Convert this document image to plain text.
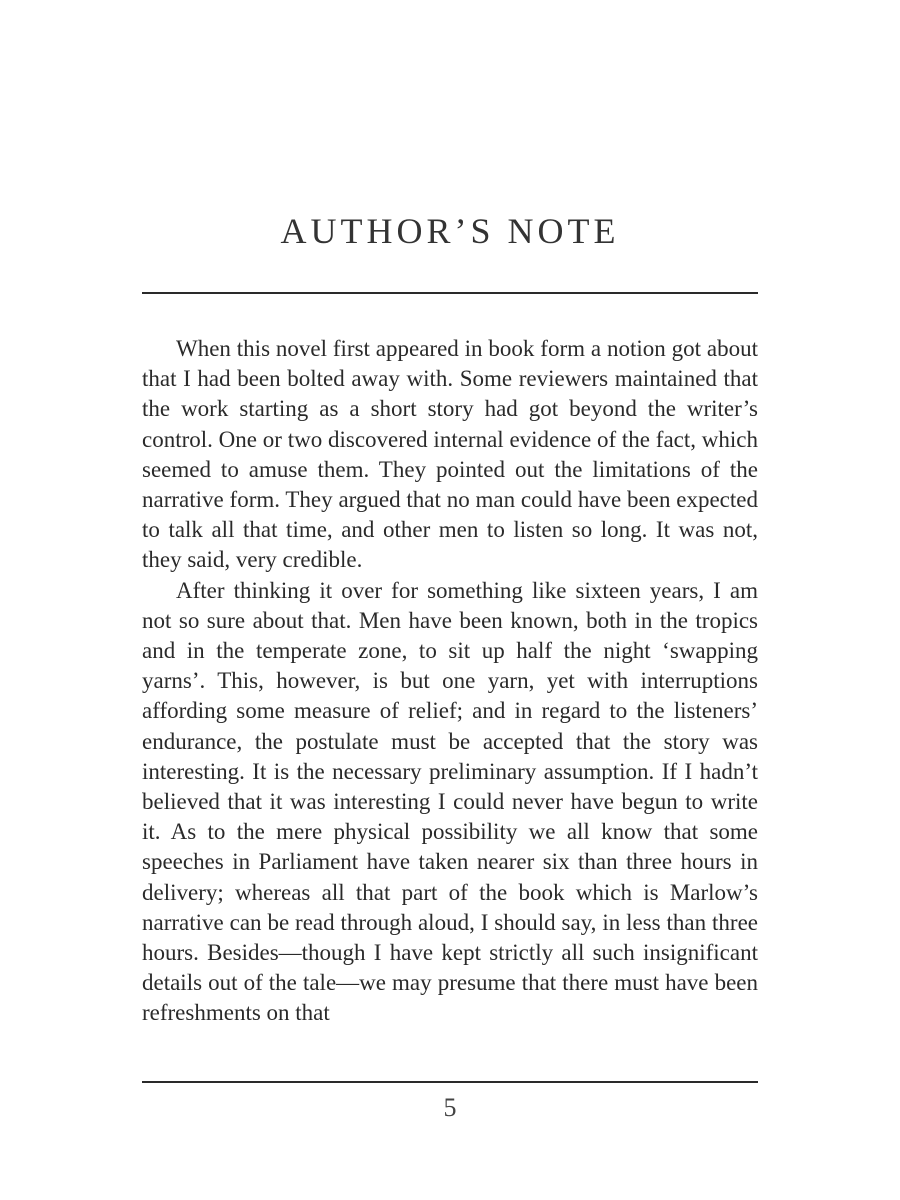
AUTHOR’S NOTE

When this novel first appeared in book form a notion got about that I had been bolted away with. Some reviewers maintained that the work starting as a short story had got beyond the writer’s control. One or two discovered internal evidence of the fact, which seemed to amuse them. They pointed out the limitations of the narrative form. They argued that no man could have been expected to talk all that time, and other men to listen so long. It was not, they said, very credible.

After thinking it over for something like sixteen years, I am not so sure about that. Men have been known, both in the tropics and in the temperate zone, to sit up half the night ‘swapping yarns’. This, however, is but one yarn, yet with interruptions affording some measure of relief; and in regard to the listeners’ endurance, the postulate must be accepted that the story was interesting. It is the necessary preliminary assumption. If I hadn’t believed that it was interesting I could never have begun to write it. As to the mere physical possibility we all know that some speeches in Parliament have taken nearer six than three hours in delivery; whereas all that part of the book which is Marlow’s narrative can be read through aloud, I should say, in less than three hours. Besides—though I have kept strictly all such insignificant details out of the tale—we may presume that there must have been refreshments on that

5
